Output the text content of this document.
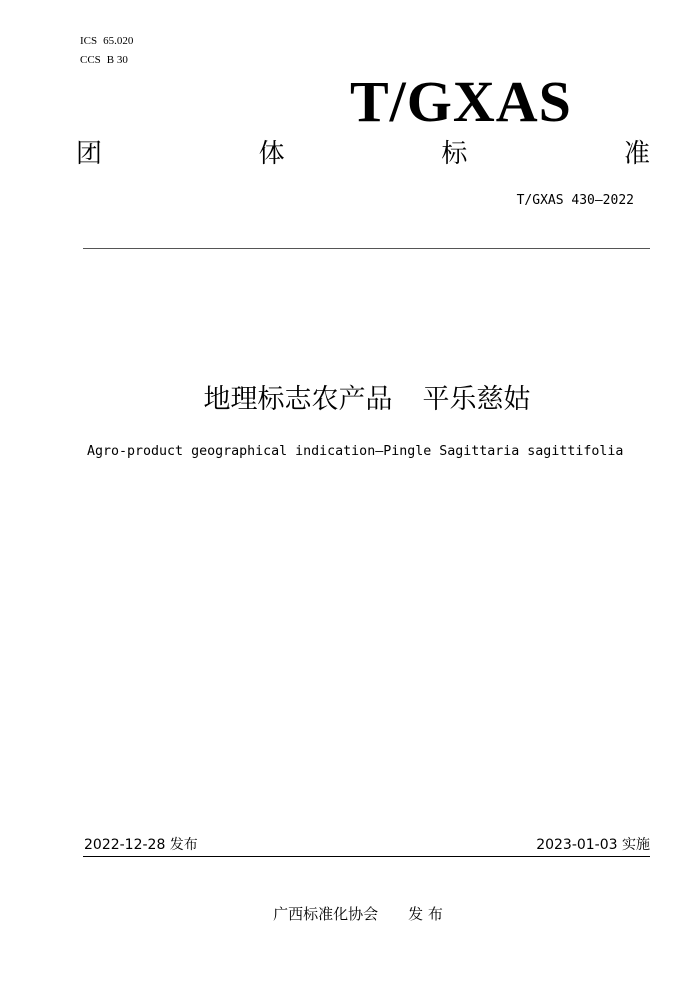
ICS 65.020
CCS B 30
T/GXAS
团	体	标	准
T/GXAS 430—2022
地理标志农产品 平乐慈姑
Agro-product geographical indication—Pingle Sagittaria sagittifolia
2022-12-28 发布	2023-01-03 实施
广西标准化协会 发 布
